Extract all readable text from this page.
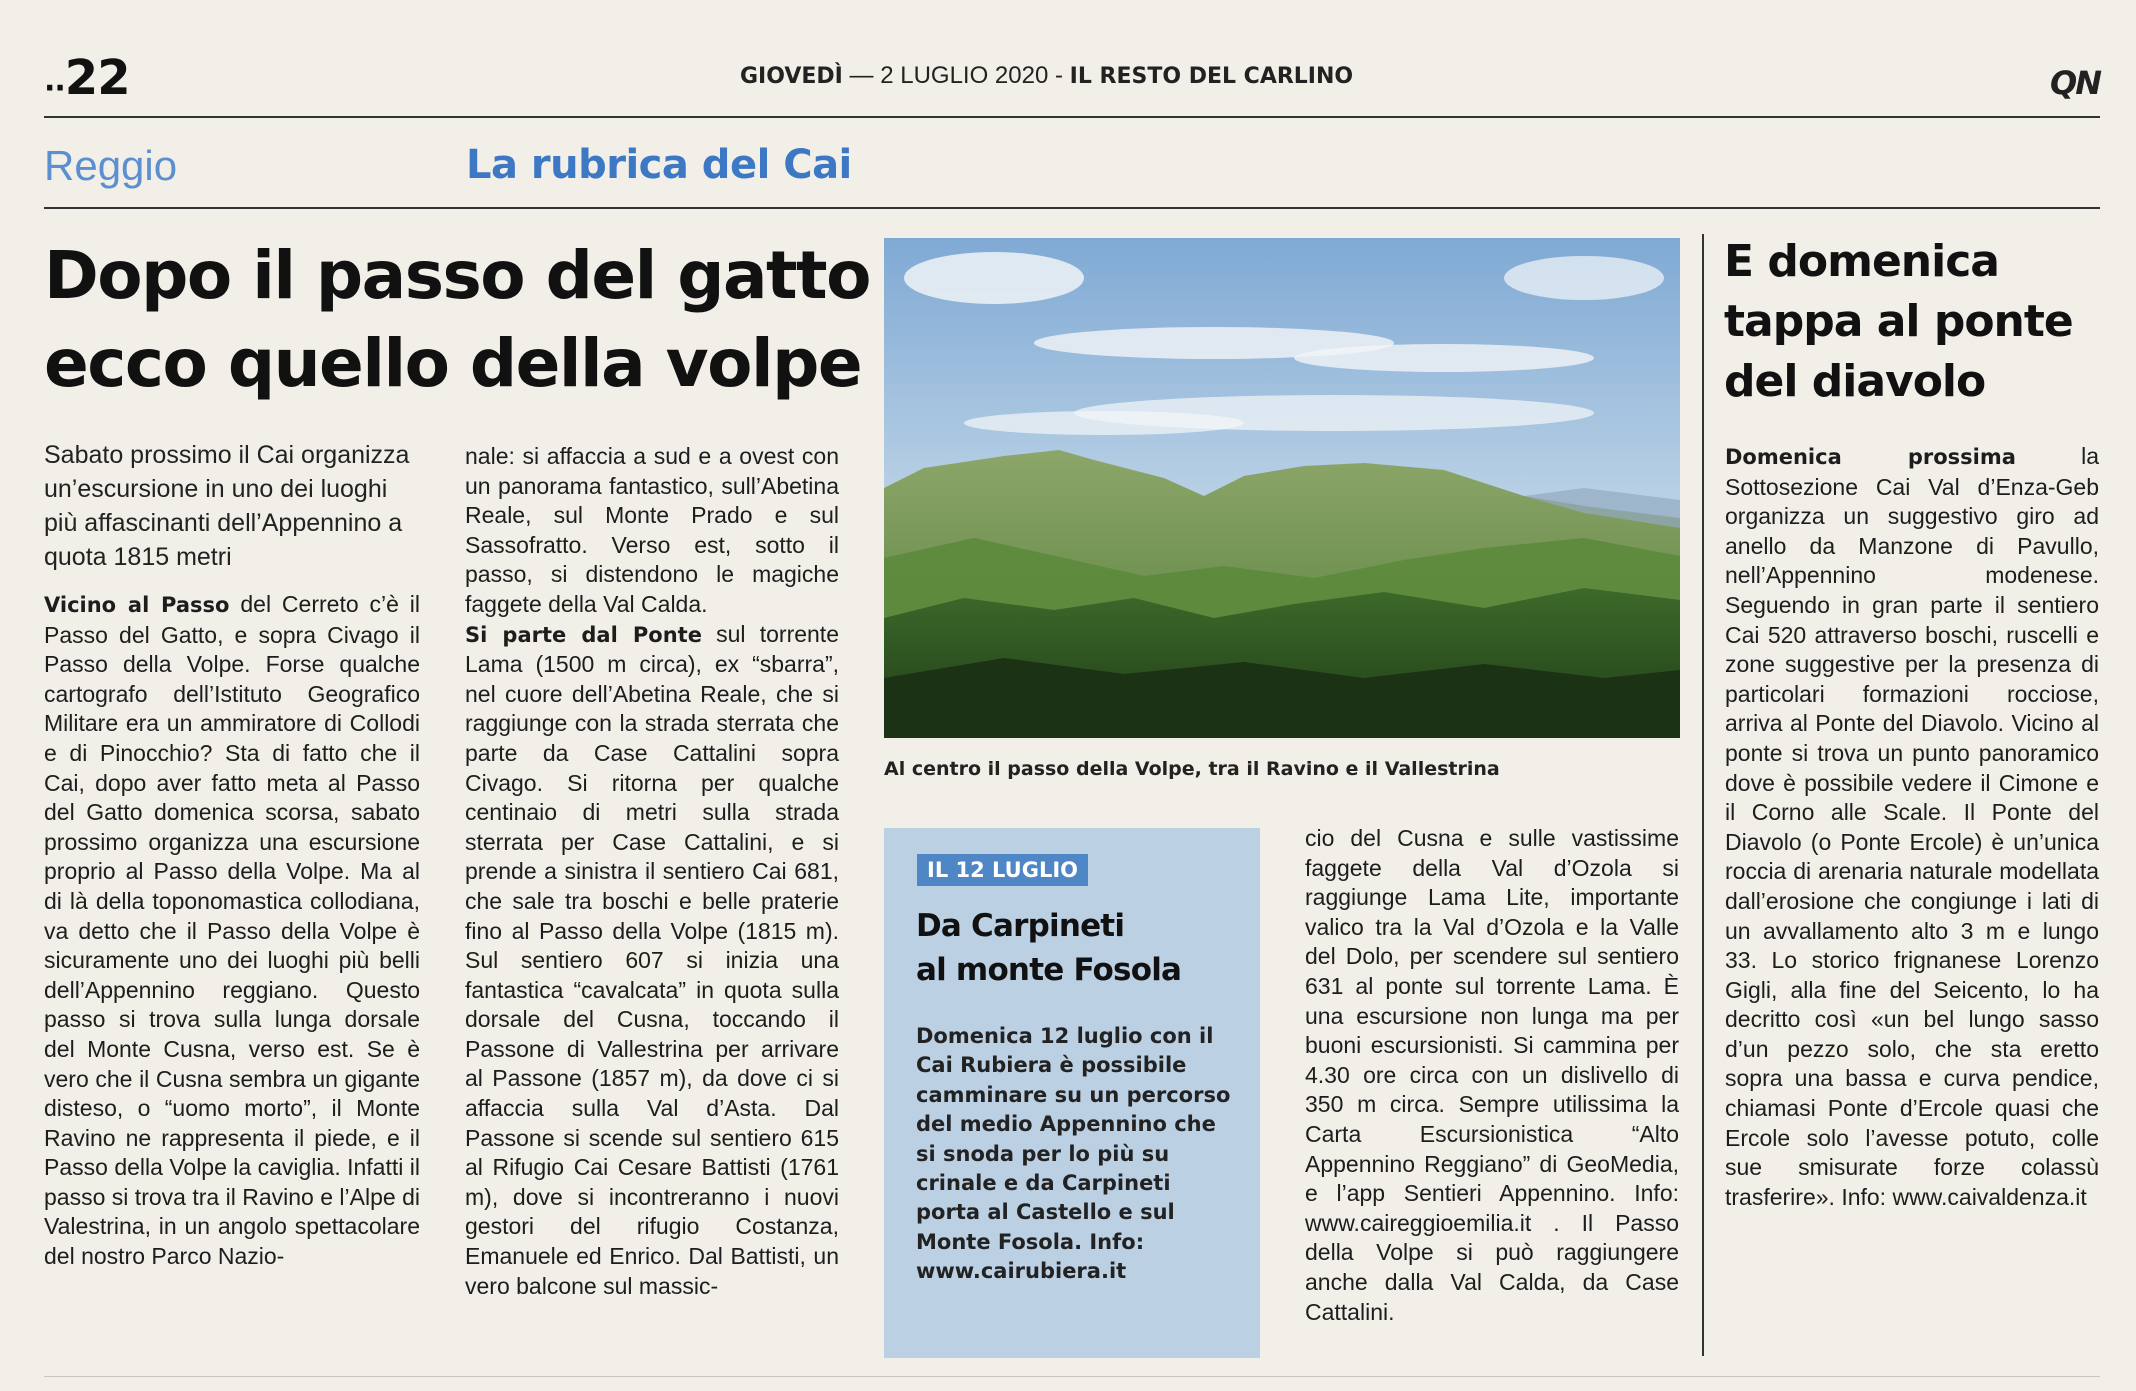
..22	GIOVEDÌ — 2 LUGLIO 2020 - IL RESTO DEL CARLINO	QN
Reggio	La rubrica del Cai
Dopo il passo del gatto
ecco quello della volpe
Sabato prossimo il Cai organizza un’escursione in uno dei luoghi più affascinanti dell’Appennino a quota 1815 metri

Vicino al Passo del Cerreto c’è il Passo del Gatto, e sopra Civago il Passo della Volpe. Forse qualche cartografo dell’Istituto Geografico Militare era un ammiratore di Collodi e di Pinocchio? Sta di fatto che il Cai, dopo aver fatto meta al Passo del Gatto domenica scorsa, sabato prossimo organizza una escursione proprio al Passo della Volpe. Ma al di là della toponomastica collodiana, va detto che il Passo della Volpe è sicuramente uno dei luoghi più belli dell’Appennino reggiano. Questo passo si trova sulla lunga dorsale del Monte Cusna, verso est. Se è vero che il Cusna sembra un gigante disteso, o “uomo morto”, il Monte Ravino ne rappresenta il piede, e il Passo della Volpe la caviglia. Infatti il passo si trova tra il Ravino e l’Alpe di Valestrina, in un angolo spettacolare del nostro Parco Nazio-

nale: si affaccia a sud e a ovest con un panorama fantastico, sull’Abetina Reale, sul Monte Prado e sul Sassofratto. Verso est, sotto il passo, si distendono le magiche faggete della Val Calda.

Si parte dal Ponte sul torrente Lama (1500 m circa), ex “sbarra”, nel cuore dell’Abetina Reale, che si raggiunge con la strada sterrata che parte da Case Cattalini sopra Civago. Si ritorna per qualche centinaio di metri sulla strada sterrata per Case Cattalini, e si prende a sinistra il sentiero Cai 681, che sale tra boschi e belle praterie fino al Passo della Volpe (1815 m). Sul sentiero 607 si inizia una fantastica “cavalcata” in quota sulla dorsale del Cusna, toccando il Passone di Vallestrina per arrivare al Passone (1857 m), da dove ci si affaccia sulla Val d’Asta. Dal Passone si scende sul sentiero 615 al Rifugio Cai Cesare Battisti (1761 m), dove si incontreranno i nuovi gestori del rifugio Costanza, Emanuele ed Enrico. Dal Battisti, un vero balcone sul massic-

Al centro il passo della Volpe, tra il Ravino e il Vallestrina
IL 12 LUGLIO
Da Carpineti
al monte Fosola
Domenica 12 luglio con il Cai Rubiera è possibile camminare su un percorso del medio Appennino che si snoda per lo più su crinale e da Carpineti porta al Castello e sul Monte Fosola. Info: www.cairubiera.it

cio del Cusna e sulle vastissime faggete della Val d’Ozola si raggiunge Lama Lite, importante valico tra la Val d’Ozola e la Valle del Dolo, per scendere sul sentiero 631 al ponte sul torrente Lama. È una escursione non lunga ma per buoni escursionisti. Si cammina per 4.30 ore circa con un dislivello di 350 m circa. Sempre utilissima la Carta Escursionistica “Alto Appennino Reggiano” di GeoMedia, e l’app Sentieri Appennino. Info: www.caireggioemilia.it . Il Passo della Volpe si può raggiungere anche dalla Val Calda, da Case Cattalini.

E domenica
tappa al ponte
del diavolo

Domenica prossima la Sottosezione Cai Val d’Enza-Geb organizza un suggestivo giro ad anello da Manzone di Pavullo, nell’Appennino modenese. Seguendo in gran parte il sentiero Cai 520 attraverso boschi, ruscelli e zone suggestive per la presenza di particolari formazioni rocciose, arriva al Ponte del Diavolo. Vicino al ponte si trova un punto panoramico dove è possibile vedere il Cimone e il Corno alle Scale. Il Ponte del Diavolo (o Ponte Ercole) è un’unica roccia di arenaria naturale modellata dall’erosione che congiunge i lati di un avvallamento alto 3 m e lungo 33. Lo storico frignanese Lorenzo Gigli, alla fine del Seicento, lo ha decritto così «un bel lungo sasso d’un pezzo solo, che sta eretto sopra una bassa e curva pendice, chiamasi Ponte d’Ercole quasi che Ercole solo l’avesse potuto, colle sue smisurate forze colassù trasferire». Info: www.caivaldenza.it
